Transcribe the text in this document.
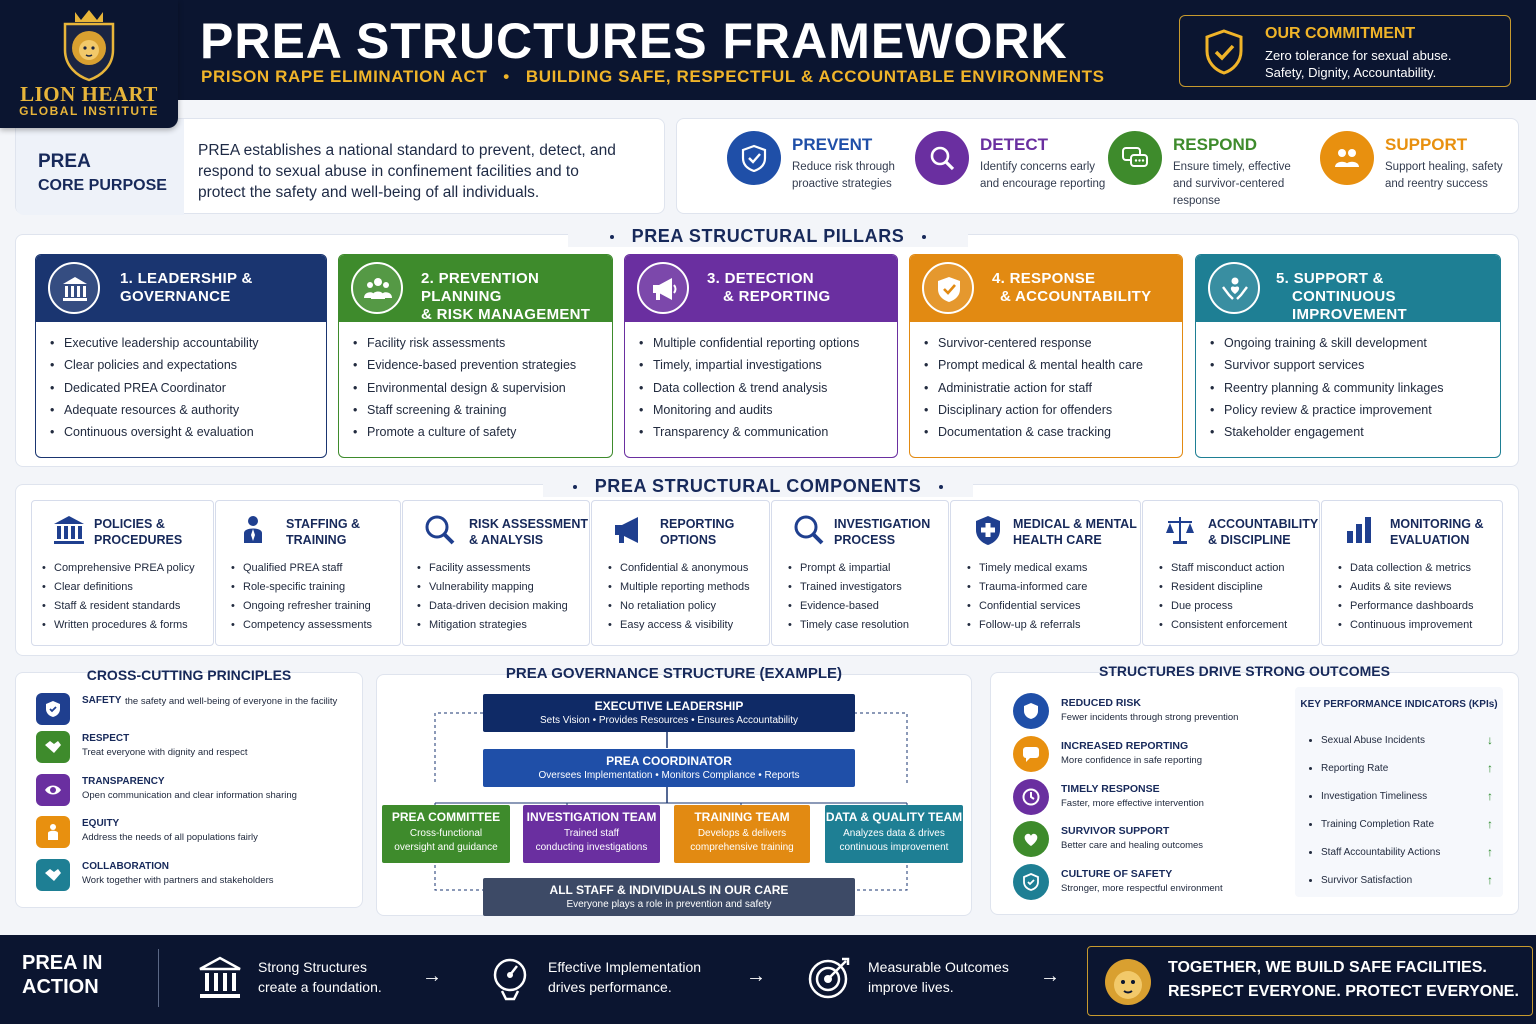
PREA STRUCTURES FRAMEWORK
PRISON RAPE ELIMINATION ACT   •   BUILDING SAFE, RESPECTFUL & ACCOUNTABLE ENVIRONMENTS
OUR COMMITMENT
Zero tolerance for sexual abuse.
Safety, Dignity, Accountability.
LION HEART
GLOBAL INSTITUTE
PREA
CORE PURPOSE
PREA establishes a national standard to prevent, detect, and respond to sexual abuse in confinement facilities and to protect the safety and well-being of all individuals.
PREVENT
Reduce risk through proactive strategies
DETECT
Identify concerns early and encourage reporting
RESPOND
Ensure timely, effective and survivor-centered response
SUPPORT
Support healing, safety and reentry success
PREA STRUCTURAL PILLARS
1. LEADERSHIP &
GOVERNANCE
• Executive leadership accountability
• Clear policies and expectations
• Dedicated PREA Coordinator
• Adequate resources & authority
• Continuous oversight & evaluation
2. PREVENTION PLANNING
& RISK MANAGEMENT
• Facility risk assessments
• Evidence-based prevention strategies
• Environmental design & supervision
• Staff screening & training
• Promote a culture of safety
3. DETECTION
& REPORTING
• Multiple confidential reporting options
• Timely, impartial investigations
• Data collection & trend analysis
• Monitoring and audits
• Transparency & communication
4. RESPONSE
& ACCOUNTABILITY
• Survivor-centered response
• Prompt medical & mental health care
• Administratie action for staff
• Disciplinary action for offenders
• Documentation & case tracking
5. SUPPORT &
CONTINUOUS IMPROVEMENT
• Ongoing training & skill development
• Survivor support services
• Reentry planning & community linkages
• Policy review & practice improvement
• Stakeholder engagement
PREA STRUCTURAL COMPONENTS
POLICIES &
PROCEDURES
• Comprehensive PREA policy
• Clear definitions
• Staff & resident standards
• Written procedures & forms
STAFFING &
TRAINING
• Qualified PREA staff
• Role-specific training
• Ongoing refresher training
• Competency assessments
RISK ASSESSMENT
& ANALYSIS
• Facility assessments
• Vulnerability mapping
• Data-driven decision making
• Mitigation strategies
REPORTING
OPTIONS
• Confidential & anonymous
• Multiple reporting methods
• No retaliation policy
• Easy access & visibility
INVESTIGATION
PROCESS
• Prompt & impartial
• Trained investigators
• Evidence-based
• Timely case resolution
MEDICAL & MENTAL
HEALTH CARE
• Timely medical exams
• Trauma-informed care
• Confidential services
• Follow-up & referrals
ACCOUNTABILITY
& DISCIPLINE
• Staff misconduct action
• Resident discipline
• Due process
• Consistent enforcement
MONITORING &
EVALUATION
• Data collection & metrics
• Audits & site reviews
• Performance dashboards
• Continuous improvement
CROSS-CUTTING PRINCIPLES
SAFETY the safety and well-being of everyone in the facility
RESPECT
Treat everyone with dignity and respect
TRANSPARENCY
Open communication and clear information sharing
EQUITY
Address the needs of all populations fairly
COLLABORATION
Work together with partners and stakeholders
PREA GOVERNANCE STRUCTURE (EXAMPLE)
EXECUTIVE LEADERSHIP
Sets Vision • Provides Resources • Ensures Accountability
PREA COORDINATOR
Oversees Implementation • Monitors Compliance • Reports
PREA COMMITTEE
Cross-functional
oversight and guidance
INVESTIGATION TEAM
Trained staff
conducting investigations
TRAINING TEAM
Develops & delivers
comprehensive training
DATA & QUALITY TEAM
Analyzes data & drives
continuous improvement
ALL STAFF & INDIVIDUALS IN OUR CARE
Everyone plays a role in prevention and safety
STRUCTURES DRIVE STRONG OUTCOMES
REDUCED RISK
Fewer incidents through strong prevention
INCREASED REPORTING
More confidence in safe reporting
TIMELY RESPONSE
Faster, more effective intervention
SURVIVOR SUPPORT
Better care and healing outcomes
CULTURE OF SAFETY
Stronger, more respectful environment
KEY PERFORMANCE INDICATORS (KPIs)
Sexual Abuse Incidents	↓
Reporting Rate	↑
Investigation Timeliness	↑
Training Completion Rate	↑
Staff Accountability Actions	↑
Survivor Satisfaction	↑
PREA IN
ACTION
Strong Structures
create a foundation. →	Effective Implementation
drives performance.	→	Measurable Outcomes
improve lives.	→	TOGETHER, WE BUILD SAFE FACILITIES.
RESPECT EVERYONE. PROTECT EVERYONE.
